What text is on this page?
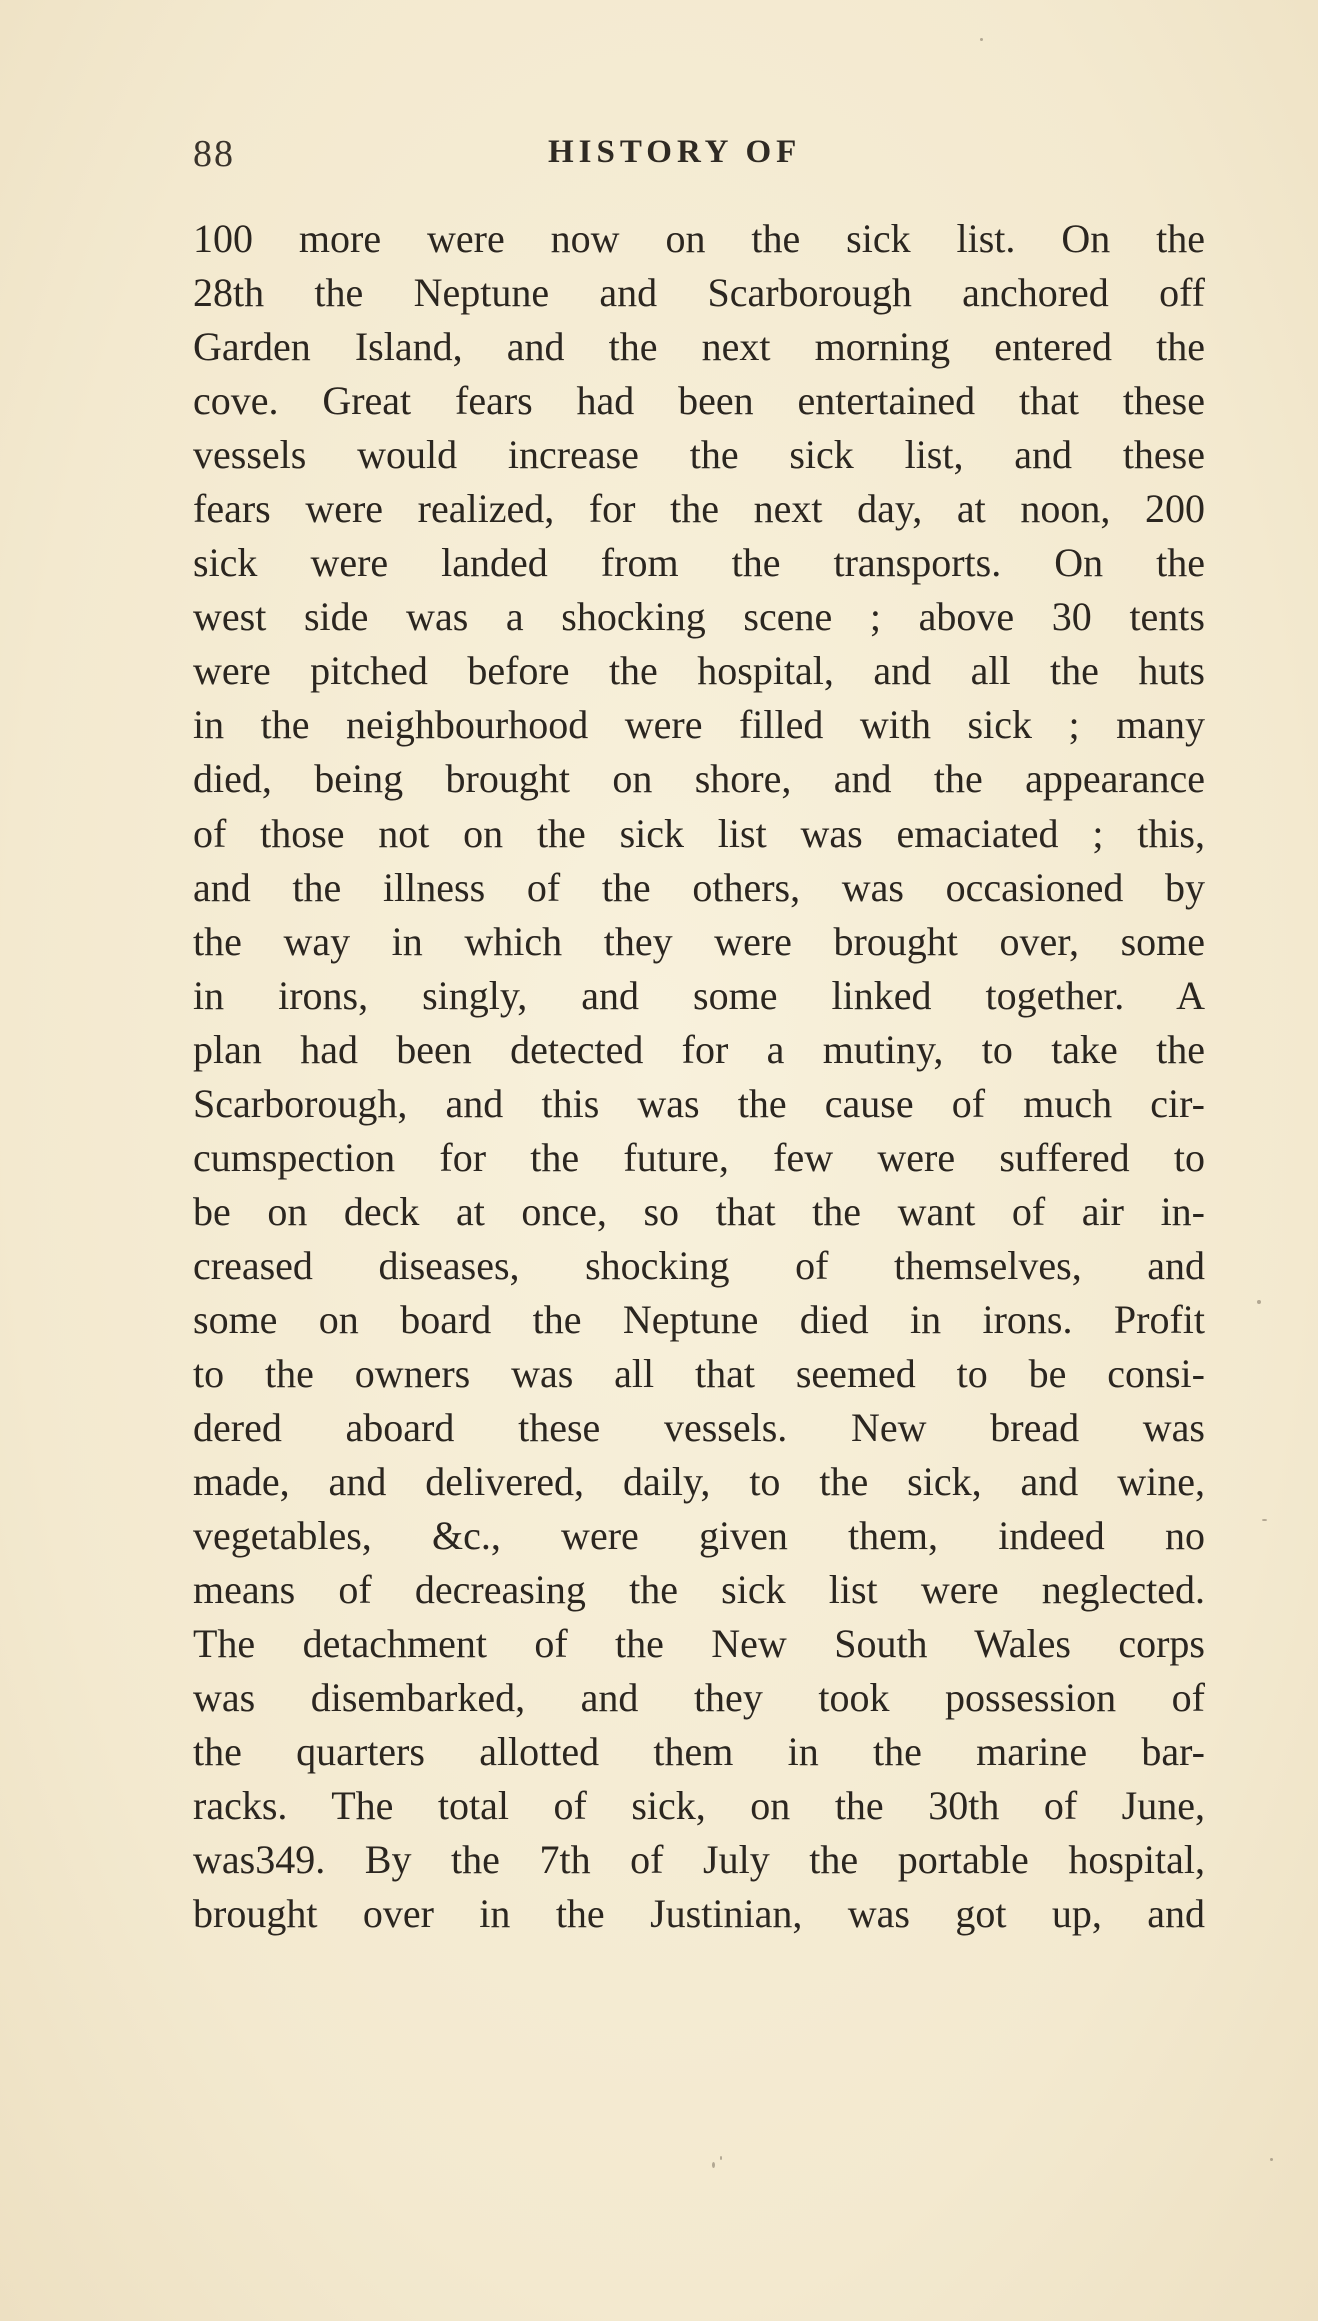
88	HISTORY OF
100 more were now on the sick list. On the
28th the Neptune and Scarborough anchored off
Garden Island, and the next morning entered the
cove. Great fears had been entertained that these
vessels would increase the sick list, and these
fears were realized, for the next day, at noon, 200
sick were landed from the transports. On the
west side was a shocking scene ; above 30 tents
were pitched before the hospital, and all the huts
in the neighbourhood were filled with sick ; many
died, being brought on shore, and the appearance
of those not on the sick list was emaciated ; this,
and the illness of the others, was occasioned by
the way in which they were brought over, some
in irons, singly, and some linked together. A
plan had been detected for a mutiny, to take the
Scarborough, and this was the cause of much cir-
cumspection for the future, few were suffered to
be on deck at once, so that the want of air in-
creased diseases, shocking of themselves, and
some on board the Neptune died in irons. Profit
to the owners was all that seemed to be consi-
dered aboard these vessels. New bread was
made, and delivered, daily, to the sick, and wine,
vegetables, &c., were given them, indeed no
means of decreasing the sick list were neglected.
The detachment of the New South Wales corps
was disembarked, and they took possession of
the quarters allotted them in the marine bar-
racks. The total of sick, on the 30th of June,
was349. By the 7th of July the portable hospital,
brought over in the Justinian, was got up, and
